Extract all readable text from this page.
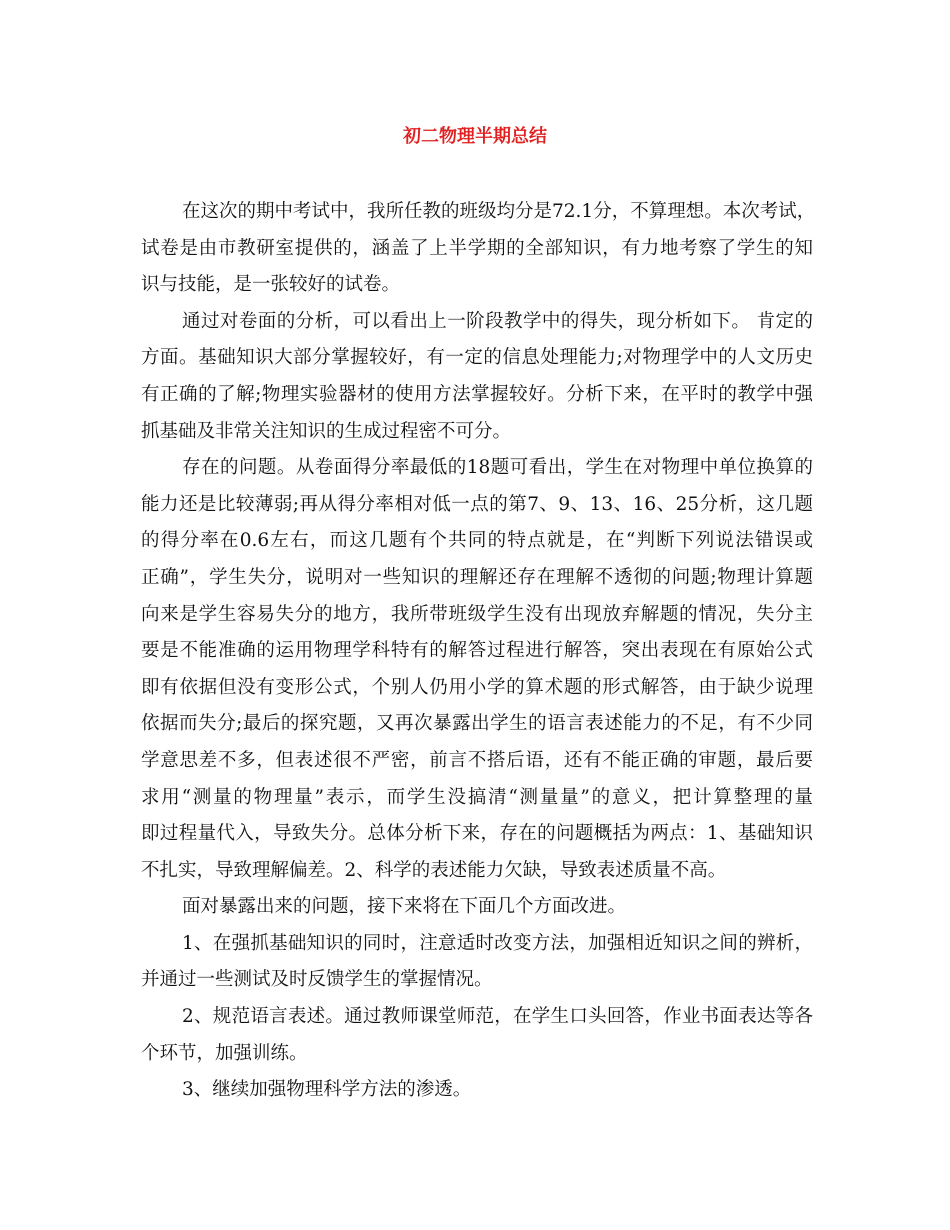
初二物理半期总结
在这次的期中考试中，我所任教的班级均分是72.1分，不算理想。本次考试，
试卷是由市教研室提供的，涵盖了上半学期的全部知识，有力地考察了学生的知
识与技能，是一张较好的试卷。
通过对卷面的分析，可以看出上一阶段教学中的得失，现分析如下。 肯定的
方面。基础知识大部分掌握较好，有一定的信息处理能力;对物理学中的人文历史
有正确的了解;物理实验器材的使用方法掌握较好。分析下来，在平时的教学中强
抓基础及非常关注知识的生成过程密不可分。
存在的问题。从卷面得分率最低的18题可看出，学生在对物理中单位换算的
能力还是比较薄弱;再从得分率相对低一点的第7、9、13、16、25分析，这几题
的得分率在0.6左右，而这几题有个共同的特点就是，在“判断下列说法错误或
正确”，学生失分，说明对一些知识的理解还存在理解不透彻的问题;物理计算题
向来是学生容易失分的地方，我所带班级学生没有出现放弃解题的情况，失分主
要是不能准确的运用物理学科特有的解答过程进行解答，突出表现在有原始公式
即有依据但没有变形公式，个别人仍用小学的算术题的形式解答，由于缺少说理
依据而失分;最后的探究题，又再次暴露出学生的语言表述能力的不足，有不少同
学意思差不多，但表述很不严密，前言不搭后语，还有不能正确的审题，最后要
求用“测量的物理量”表示，而学生没搞清“测量量”的意义，把计算整理的量
即过程量代入，导致失分。总体分析下来，存在的问题概括为两点：1、基础知识
不扎实，导致理解偏差。2、科学的表述能力欠缺，导致表述质量不高。
面对暴露出来的问题，接下来将在下面几个方面改进。
1、在强抓基础知识的同时，注意适时改变方法，加强相近知识之间的辨析，
并通过一些测试及时反馈学生的掌握情况。
2、规范语言表述。通过教师课堂师范，在学生口头回答，作业书面表达等各
个环节，加强训练。
3、继续加强物理科学方法的渗透。
